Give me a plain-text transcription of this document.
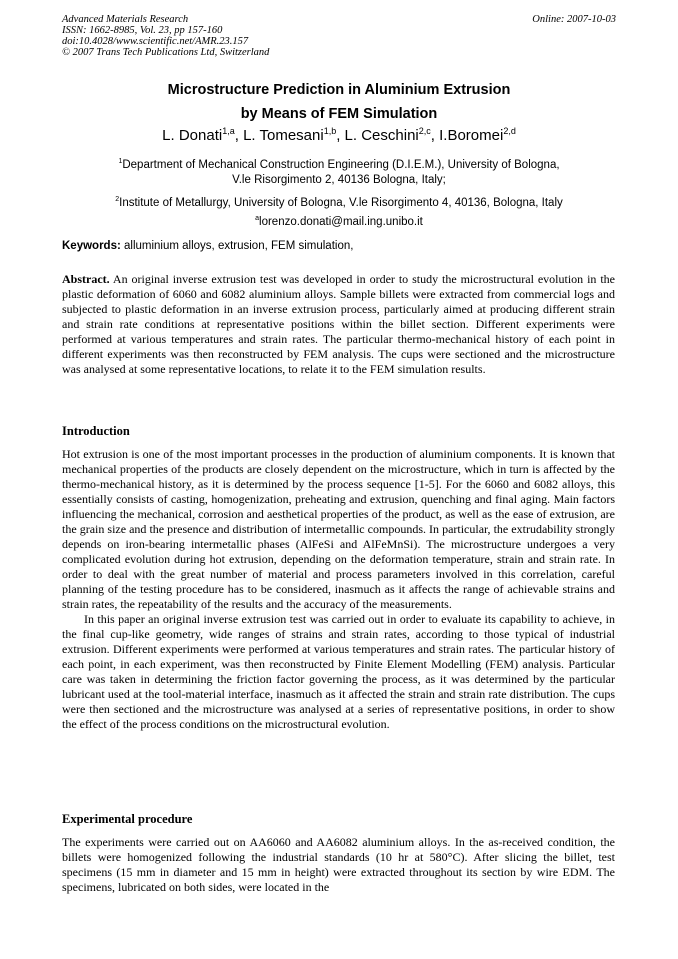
Advanced Materials Research
ISSN: 1662-8985, Vol. 23, pp 157-160
doi:10.4028/www.scientific.net/AMR.23.157
© 2007 Trans Tech Publications Ltd, Switzerland
Online: 2007-10-03
Microstructure Prediction in Aluminium Extrusion
by Means of FEM Simulation
L. Donati$^{1,a}$, L. Tomesani$^{1,b}$, L. Ceschini$^{2,c}$, I.Boromei$^{2,d}$
$^1$Department of Mechanical Construction Engineering (D.I.E.M.), University of Bologna,
V.le Risorgimento 2, 40136 Bologna, Italy;
$^2$Institute of Metallurgy, University of Bologna, V.le Risorgimento 4, 40136, Bologna, Italy
$^a$lorenzo.donati@mail.ing.unibo.it
Keywords: alluminium alloys, extrusion, FEM simulation,

Abstract. An original inverse extrusion test was developed in order to study the microstructural evolution in the plastic deformation of 6060 and 6082 aluminium alloys. Sample billets were extracted from commercial logs and subjected to plastic deformation in an inverse extrusion process, particularly aimed at producing different strain and strain rate conditions at representative positions within the billet section. Different experiments were performed at various temperatures and strain rates. The particular thermo-mechanical history of each point in different experiments was then reconstructed by FEM analysis. The cups were sectioned and the microstructure was analysed at some representative locations, to relate it to the FEM simulation results.

Introduction

Hot extrusion is one of the most important processes in the production of aluminium components. It is known that mechanical properties of the products are closely dependent on the microstructure, which in turn is affected by the thermo-mechanical history, as it is determined by the process sequence [1-5]. For the 6060 and 6082 alloys, this essentially consists of casting, homogenization, preheating and extrusion, quenching and final aging. Main factors influencing the mechanical, corrosion and aesthetical properties of the product, as well as the ease of extrusion, are the grain size and the presence and distribution of intermetallic compounds. In particular, the extrudability strongly depends on iron-bearing intermetallic phases (AlFeSi and AlFeMnSi). The microstructure undergoes a very complicated evolution during hot extrusion, depending on the deformation temperature, strain and strain rate. In order to deal with the great number of material and process parameters involved in this correlation, careful planning of the testing procedure has to be considered, inasmuch as it affects the range of achievable strains and strain rates, the repeatability of the results and the accuracy of the measurements.

In this paper an original inverse extrusion test was carried out in order to evaluate its capability to achieve, in the final cup-like geometry, wide ranges of strains and strain rates, according to those typical of industrial extrusion. Different experiments were performed at various temperatures and strain rates. The particular history of each point, in each experiment, was then reconstructed by Finite Element Modelling (FEM) analysis. Particular care was taken in determining the friction factor governing the process, as it was determined by the particular lubricant used at the tool-material interface, inasmuch as it affected the strain and strain rate distribution. The cups were then sectioned and the microstructure was analysed at a series of representative positions, in order to show the effect of the process conditions on the microstructural evolution.

Experimental procedure

The experiments were carried out on AA6060 and AA6082 aluminium alloys. In the as-received condition, the billets were homogenized following the industrial standards (10 hr at 580°C). After slicing the billet, test specimens (15 mm in diameter and 15 mm in height) were extracted throughout its section by wire EDM. The specimens, lubricated on both sides, were located in the
